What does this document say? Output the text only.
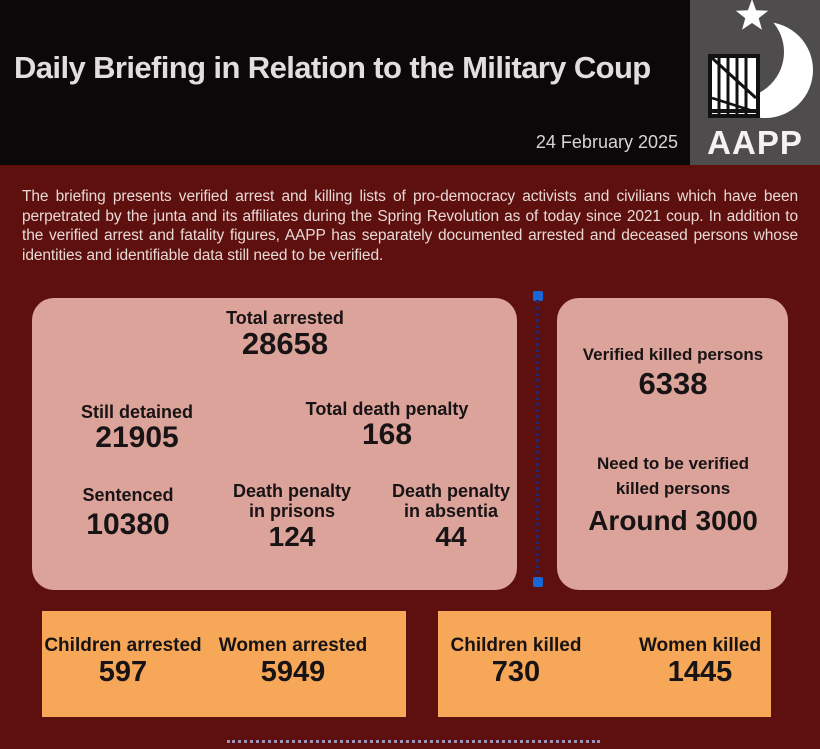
Daily Briefing in Relation to the Military Coup
24 February 2025 AAPP
The briefing presents verified arrest and killing lists of pro-democracy activists and civilians which have been perpetrated by the junta and its affiliates during the Spring Revolution as of today since 2021 coup. In addition to the verified arrest and fatality figures, AAPP has separately documented arrested and deceased persons whose identities and identifiable data still need to be verified.
Total arrested
28658
Still detained
21905
Total death penalty
168
Sentenced
10380
Death penalty
in prisons
124
Death penalty
in absentia
44
Verified killed persons
6338
Need to be verified
killed persons
Around 3000
Children arrested
597
Women arrested
5949
Children killed
730
Women killed
1445
